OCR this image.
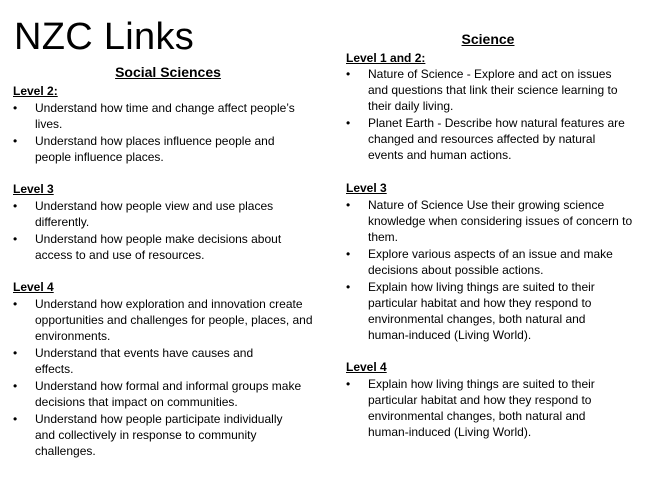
NZC Links
Social Sciences
Level 2:
• Understand how time and change affect people’s lives.
• Understand how places influence people and people influence places.
Level 3
• Understand how people view and use places differently.
• Understand how people make decisions about access to and use of resources.
Level 4
• Understand how exploration and innovation create opportunities and challenges for people, places, and environments.
• Understand that events have causes and effects.
• Understand how formal and informal groups make decisions that impact on communities.
• Understand how people participate individually and collectively in response to community challenges.
Science
Level 1 and 2:
• Nature of Science - Explore and act on issues and questions that link their science learning to their daily living.
• Planet Earth - Describe how natural features are changed and resources affected by natural events and human actions.
Level 3
• Nature of Science Use their growing science knowledge when considering issues of concern to them.
• Explore various aspects of an issue and make decisions about possible actions.
• Explain how living things are suited to their particular habitat and how they respond to environmental changes, both natural and human-induced (Living World).
Level 4
• Explain how living things are suited to their particular habitat and how they respond to environmental changes, both natural and human-induced (Living World).
